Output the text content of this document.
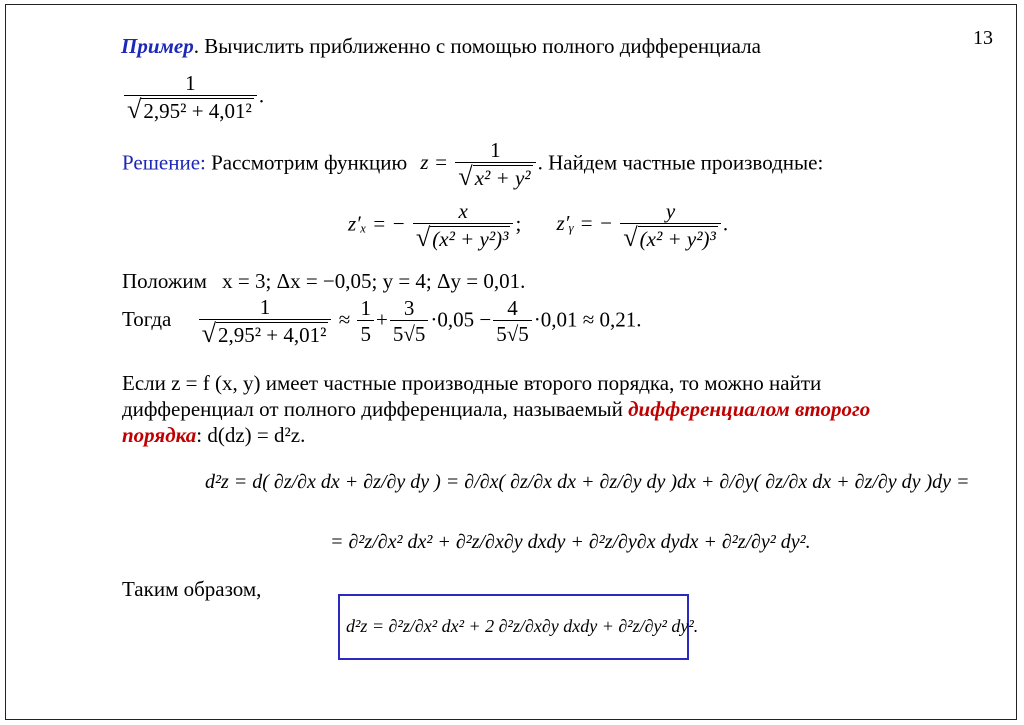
13
Пример. Вычислить приближенно с помощью полного дифференциала
$\frac{1}{\text{√2,95² + 4,01²}}$ .
Решение: Рассмотрим функцию $z = \frac{1}{\text{√x² + y²}}$ . Найдем частные производные:
z′ₓ = − $\frac{x}{\text{√(x² + y²)³}}$ ; z′ᵧ = − $\frac{y}{\text{√(x² + y²)³}}$ .
Положим x = 3; Δx = −0,05; y = 4; Δy = 0,01.
Тогда $\frac{1}{\text{√2,95² + 4,01²}} \approx \frac{1}{5} + \frac{3}{5√5} \cdot 0,05 - \frac{4}{5√5} \cdot 0,01 \approx 0,21$.
Если z = f (x, y) имеет частные производные второго порядка, то можно найти
дифференциал от полного дифференциала, называемый дифференциалом второго
порядка: d(dz) = d²z.
d²z = d( ∂z/∂x dx + ∂z/∂y dy ) = ∂/∂x( ∂z/∂x dx + ∂z/∂y dy )dx + ∂/∂y( ∂z/∂x dx + ∂z/∂y dy )dy =
= ∂²z/∂x² dx² + ∂²z/∂x∂y dxdy + ∂²z/∂y∂x dydx + ∂²z/∂y² dy².
Таким образом,
d²z = ∂²z/∂x² dx² + 2 ∂²z/∂x∂y dxdy + ∂²z/∂y² dy².
